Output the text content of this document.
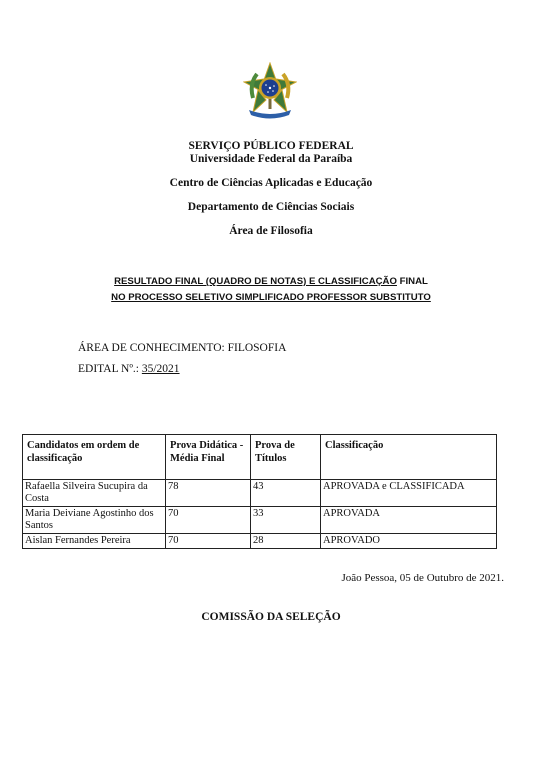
SERVIÇO PÚBLICO FEDERAL
Universidade Federal da Paraíba
Centro de Ciências Aplicadas e Educação
Departamento de Ciências Sociais
Área de Filosofia
RESULTADO FINAL (QUADRO DE NOTAS) E CLASSIFICAÇÃO FINAL
NO PROCESSO SELETIVO SIMPLIFICADO PROFESSOR SUBSTITUTO
ÁREA DE CONHECIMENTO: FILOSOFIA
EDITAL Nº.: 35/2021
Candidatos em ordem de classificação	Prova Didática - Média Final	Prova de Títulos	Classificação
Rafaella Silveira Sucupira da Costa	78	43	APROVADA e CLASSIFICADA
Maria Deiviane Agostinho dos Santos	70	33	APROVADA
Aislan Fernandes Pereira	70	28	APROVADO
João Pessoa, 05 de Outubro de 2021.
COMISSÃO DA SELEÇÃO
